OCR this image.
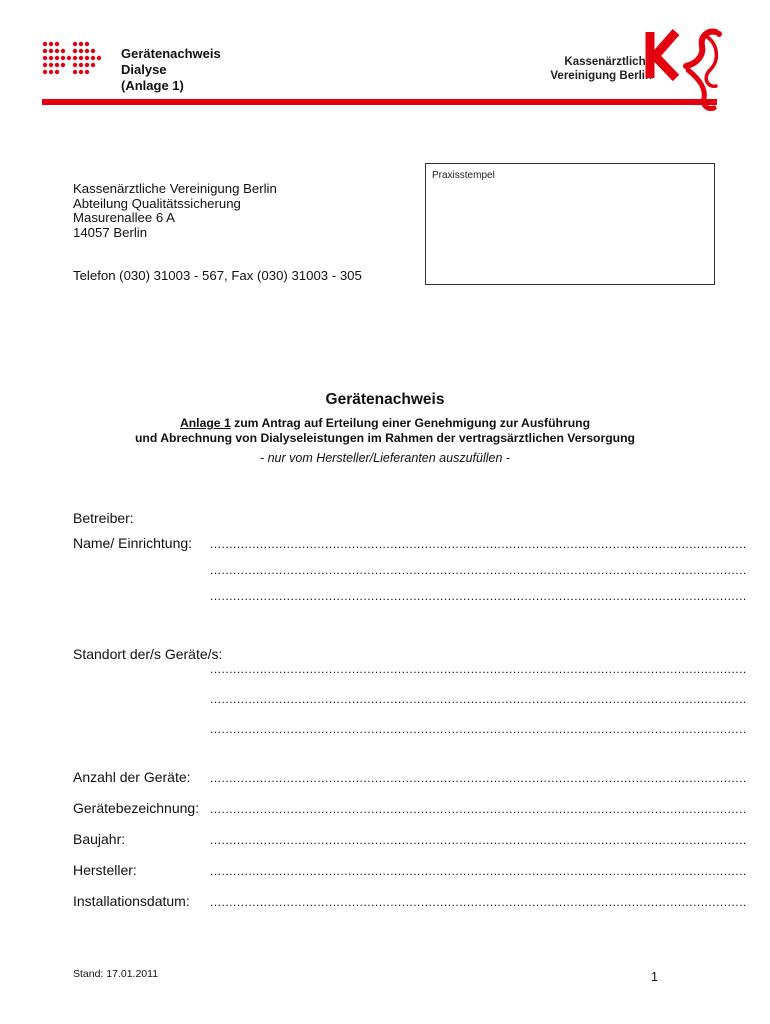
Gerätenachweis
Dialyse
(Anlage 1)
Kassenärztliche
Vereinigung Berlin
Praxisstempel
Kassenärztliche Vereinigung Berlin
Abteilung Qualitätssicherung
Masurenallee 6 A
14057 Berlin
Telefon (030) 31003 - 567, Fax (030) 31003 - 305
Gerätenachweis
Anlage 1 zum Antrag auf Erteilung einer Genehmigung zur Ausführung
und Abrechnung von Dialyseleistungen im Rahmen der vertragsärztlichen Versorgung
- nur vom Hersteller/Lieferanten auszufüllen -
Betreiber:
Name/ Einrichtung: ............................................................................................................................................
............................................................................................................................................
............................................................................................................................................
Standort der/s Geräte/s:
............................................................................................................................................
............................................................................................................................................
............................................................................................................................................
Anzahl der Geräte: ............................................................................................................................................
Gerätebezeichnung: ............................................................................................................................................
Baujahr:	............................................................................................................................................
Hersteller:	............................................................................................................................................
Installationsdatum: ............................................................................................................................................
Stand: 17.01.2011	1
